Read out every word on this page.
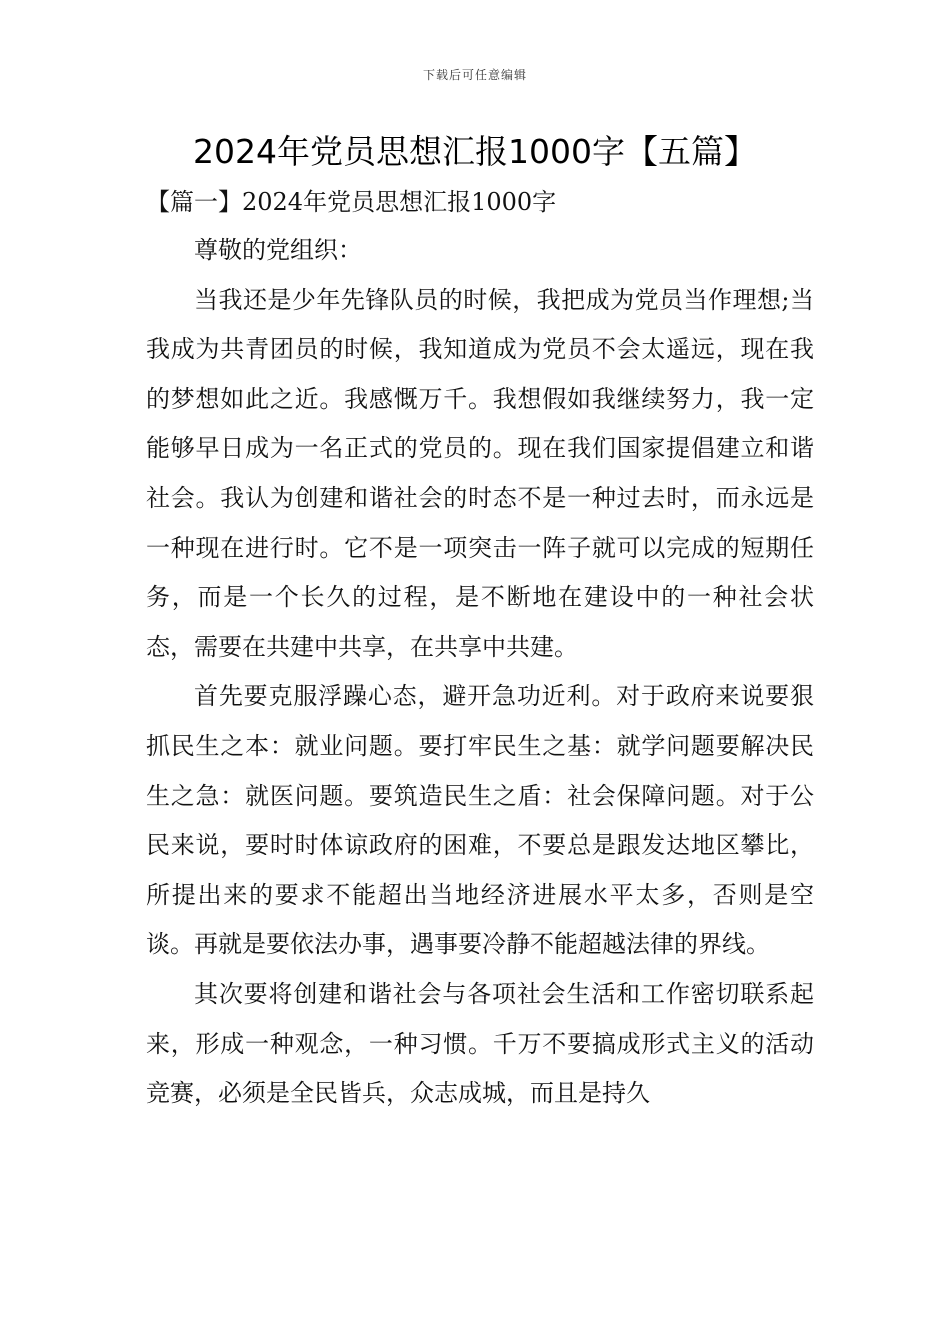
下载后可任意编辑
2024年党员思想汇报1000字【五篇】
【篇一】2024年党员思想汇报1000字

尊敬的党组织：

当我还是少年先锋队员的时候，我把成为党员当作理想;当我成为共青团员的时候，我知道成为党员不会太遥远，现在我的梦想如此之近。我感慨万千。我想假如我继续努力，我一定能够早日成为一名正式的党员的。现在我们国家提倡建立和谐社会。我认为创建和谐社会的时态不是一种过去时，而永远是一种现在进行时。它不是一项突击一阵子就可以完成的短期任务，而是一个长久的过程，是不断地在建设中的一种社会状态，需要在共建中共享，在共享中共建。

首先要克服浮躁心态，避开急功近利。对于政府来说要狠抓民生之本：就业问题。要打牢民生之基：就学问题要解决民生之急：就医问题。要筑造民生之盾：社会保障问题。对于公民来说，要时时体谅政府的困难，不要总是跟发达地区攀比，所提出来的要求不能超出当地经济进展水平太多，否则是空谈。再就是要依法办事，遇事要冷静不能超越法律的界线。

其次要将创建和谐社会与各项社会生活和工作密切联系起来，形成一种观念，一种习惯。千万不要搞成形式主义的活动竞赛，必须是全民皆兵，众志成城，而且是持久
